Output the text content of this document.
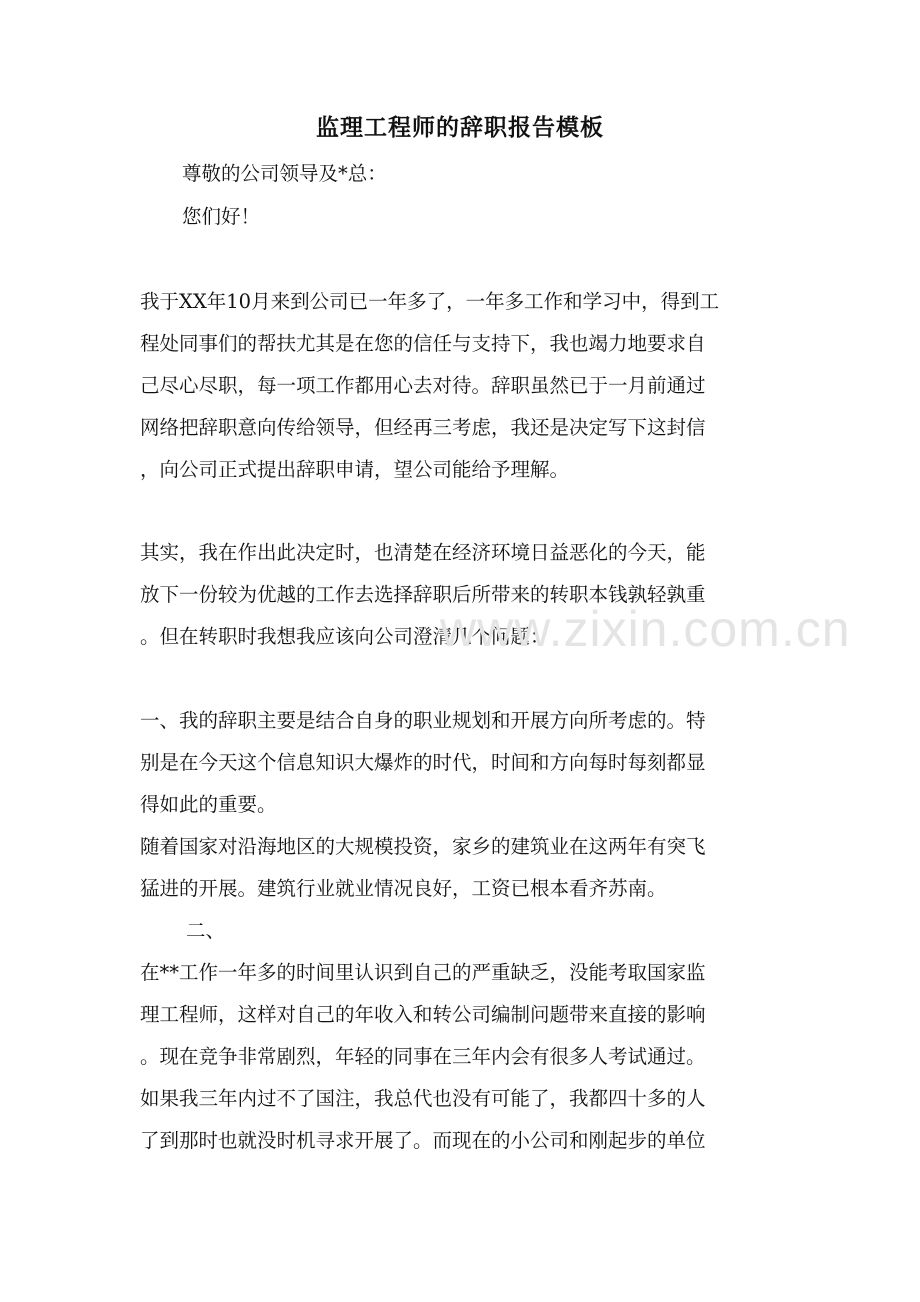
监理工程师的辞职报告模板
尊敬的公司领导及*总：
您们好！
我于XX年10月来到公司已一年多了，一年多工作和学习中，得到工
程处同事们的帮扶尤其是在您的信任与支持下，我也竭力地要求自
己尽心尽职，每一项工作都用心去对待。辞职虽然已于一月前通过
网络把辞职意向传给领导，但经再三考虑，我还是决定写下这封信
，向公司正式提出辞职申请，望公司能给予理解。
其实，我在作出此决定时，也清楚在经济环境日益恶化的今天，能
放下一份较为优越的工作去选择辞职后所带来的转职本钱孰轻孰重
。但在转职时我想我应该向公司澄清几个问题：
一、我的辞职主要是结合自身的职业规划和开展方向所考虑的。特
别是在今天这个信息知识大爆炸的时代，时间和方向每时每刻都显
得如此的重要。
随着国家对沿海地区的大规模投资，家乡的建筑业在这两年有突飞
猛进的开展。建筑行业就业情况良好，工资已根本看齐苏南。
二、
在**工作一年多的时间里认识到自己的严重缺乏，没能考取国家监
理工程师，这样对自己的年收入和转公司编制问题带来直接的影响
。现在竞争非常剧烈，年轻的同事在三年内会有很多人考试通过。
如果我三年内过不了国注，我总代也没有可能了，我都四十多的人
了到那时也就没时机寻求开展了。而现在的小公司和刚起步的单位
www.zixin.com.cn
